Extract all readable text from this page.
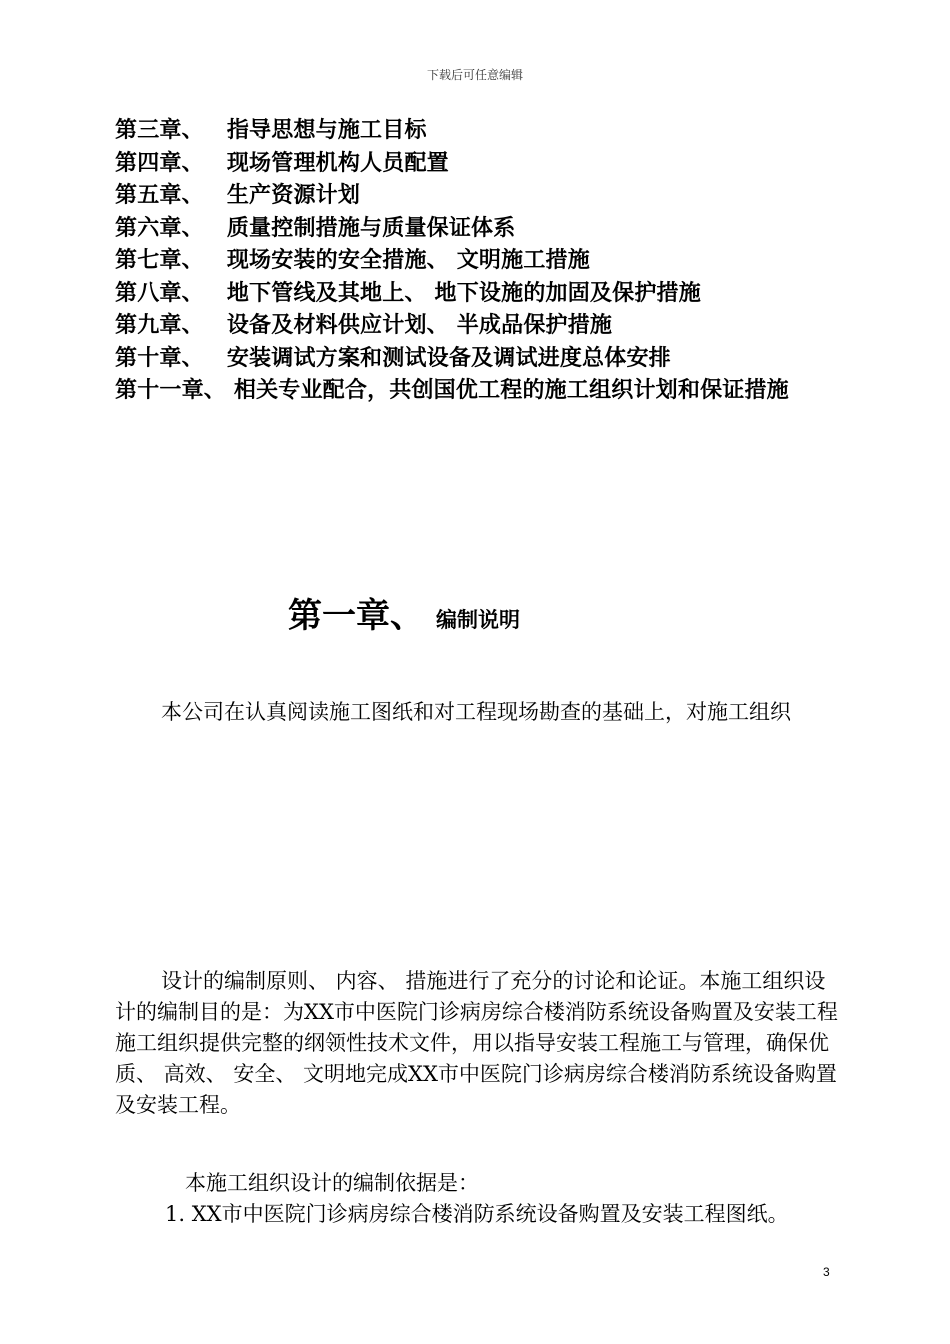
下载后可任意编辑
第三章、 指导思想与施工目标
第四章、 现场管理机构人员配置
第五章、 生产资源计划
第六章、 质量控制措施与质量保证体系
第七章、 现场安装的安全措施、 文明施工措施
第八章、 地下管线及其地上、 地下设施的加固及保护措施
第九章、 设备及材料供应计划、 半成品保护措施
第十章、 安装调试方案和测试设备及调试进度总体安排
第十一章、 相关专业配合，共创国优工程的施工组织计划和保证措施
第一章、 编制说明
本公司在认真阅读施工图纸和对工程现场勘查的基础上，对施工组织
设计的编制原则、 内容、 措施进行了充分的讨论和论证。本施工组织设计的编制目的是：为XX市中医院门诊病房综合楼消防系统设备购置及安装工程施工组织提供完整的纲领性技术文件，用以指导安装工程施工与管理，确保优质、 高效、 安全、 文明地完成XX市中医院门诊病房综合楼消防系统设备购置及安装工程。
本施工组织设计的编制依据是：
1. XX市中医院门诊病房综合楼消防系统设备购置及安装工程图纸。
3
